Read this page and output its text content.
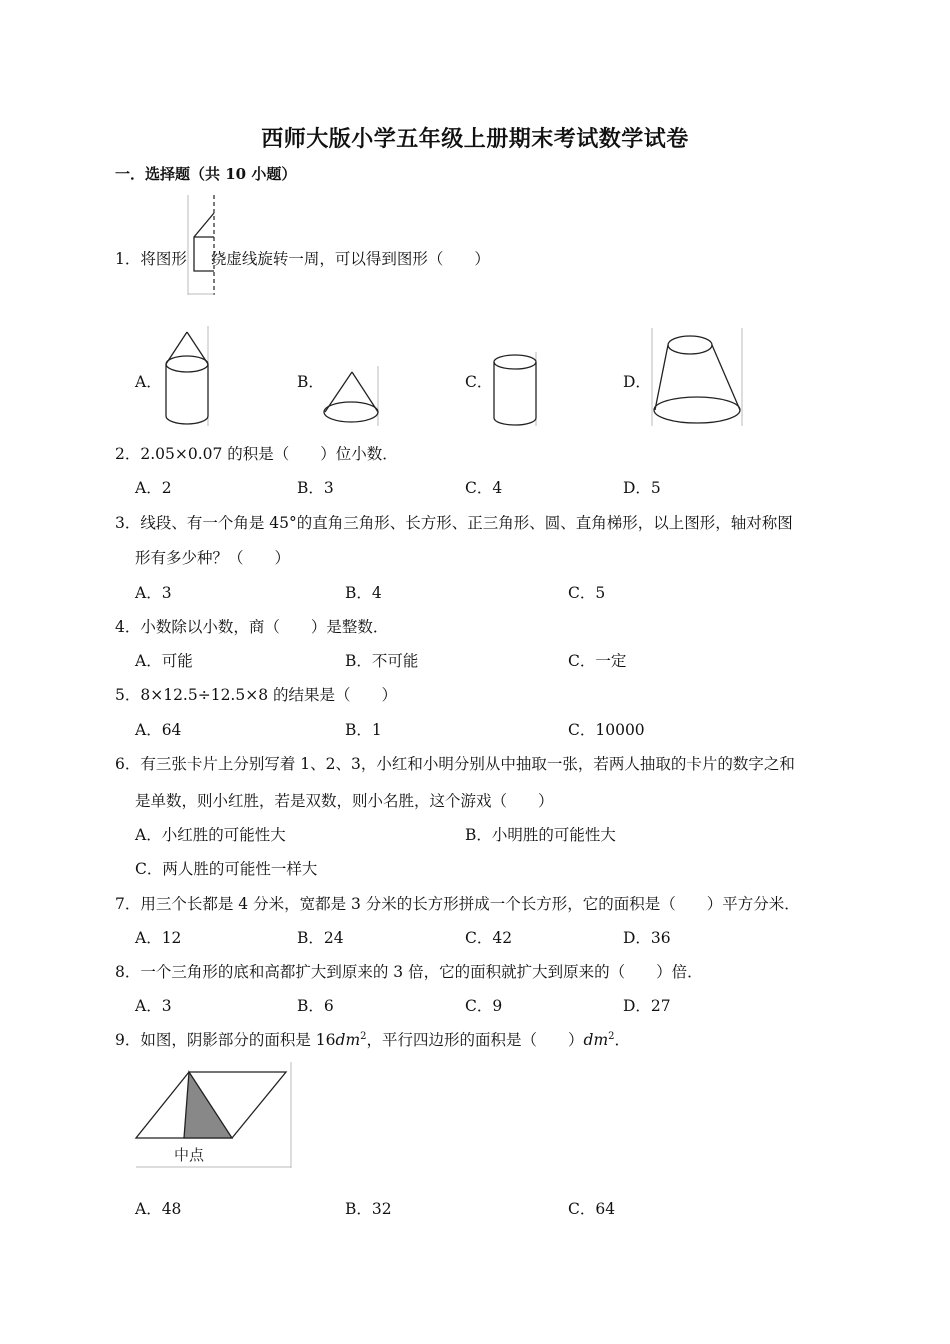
西师大版小学五年级上册期末考试数学试卷
一．选择题（共 10 小题）
1．将图形 绕虚线旋转一周，可以得到图形（　　）
A．	B．	C．	D．
2．2.05×0.07 的积是（　　）位小数．
A．2	B．3	C．4	D．5
3．线段、有一个角是 45°的直角三角形、长方形、正三角形、圆、直角梯形，以上图形，轴对称图
形有多少种？（　　）
A．3	B．4	C．5
4．小数除以小数，商（　　）是整数．
A．可能	B．不可能	C．一定
5．8×12.5÷12.5×8 的结果是（　　）
A．64	B．1	C．10000
6．有三张卡片上分别写着 1、2、3，小红和小明分别从中抽取一张，若两人抽取的卡片的数字之和
是单数，则小红胜，若是双数，则小名胜，这个游戏（　　）
A．小红胜的可能性大	B．小明胜的可能性大
C．两人胜的可能性一样大
7．用三个长都是 4 分米，宽都是 3 分米的长方形拼成一个长方形，它的面积是（　　）平方分米．
A．12	B．24	C．42	D．36
8．一个三角形的底和高都扩大到原来的 3 倍，它的面积就扩大到原来的（　　）倍．
A．3	B．6	C．9	D．27
9．如图，阴影部分的面积是 $16dm^2$，平行四边形的面积是（　　）$dm^2$．
中点
A．48	B．32	C．64
